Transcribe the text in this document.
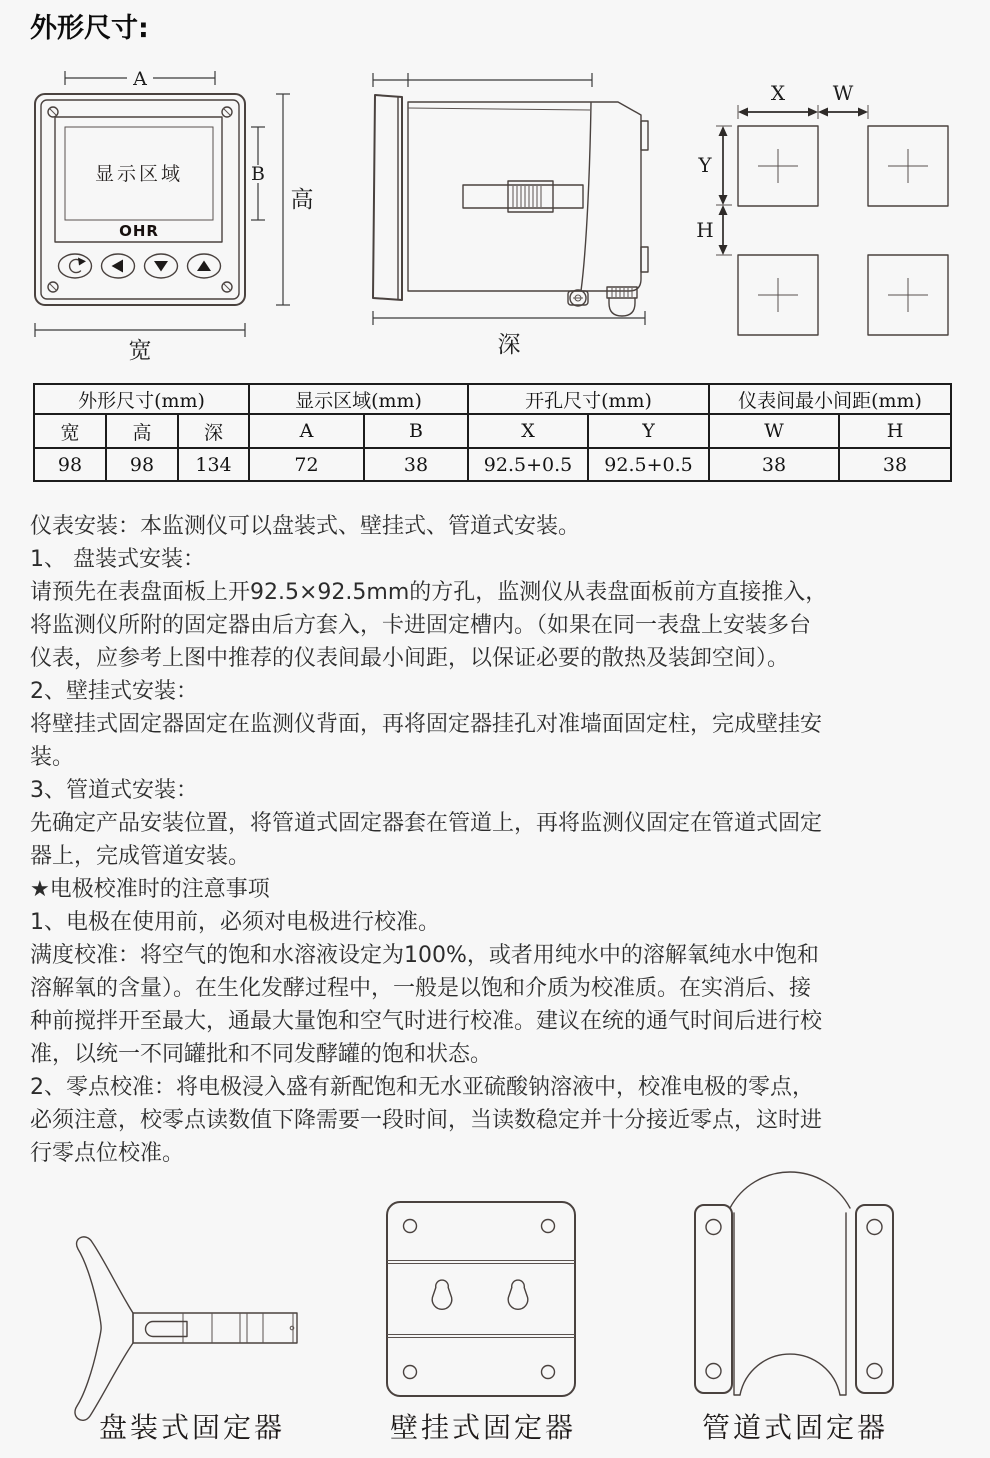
外形尺寸:
A
显示区域
OHR
B
高
宽	深
X W
Y
H
外形尺寸(mm)	显示区域(mm)	开孔尺寸(mm)	仪表间最小间距(mm)
宽	高	深	A	B	X	Y	W	H
98	98	134	72	38	92.5+0.5	92.5+0.5	38	38
仪表安装：本监测仪可以盘装式、壁挂式、管道式安装。
1、 盘装式安装：
请预先在表盘面板上开92.5×92.5mm的方孔，监测仪从表盘面板前方直接推入，
将监测仪所附的固定器由后方套入，卡进固定槽内。（如果在同一表盘上安装多台
仪表，应参考上图中推荐的仪表间最小间距，以保证必要的散热及装卸空间）。
2、壁挂式安装：
将壁挂式固定器固定在监测仪背面，再将固定器挂孔对准墙面固定柱，完成壁挂安
装。
3、管道式安装：
先确定产品安装位置，将管道式固定器套在管道上，再将监测仪固定在管道式固定
器上，完成管道安装。
★电极校准时的注意事项
1、电极在使用前，必须对电极进行校准。
满度校准：将空气的饱和水溶液设定为100%，或者用纯水中的溶解氧纯水中饱和
溶解氧的含量）。在生化发酵过程中，一般是以饱和介质为校准质。在实消后、接
种前搅拌开至最大，通最大量饱和空气时进行校准。建议在统的通气时间后进行校
准，以统一不同罐批和不同发酵罐的饱和状态。
2、零点校准：将电极浸入盛有新配饱和无水亚硫酸钠溶液中，校准电极的零点，
必须注意，校零点读数值下降需要一段时间，当读数稳定并十分接近零点，这时进
行零点位校准。
盘装式固定器	壁挂式固定器	管道式固定器
